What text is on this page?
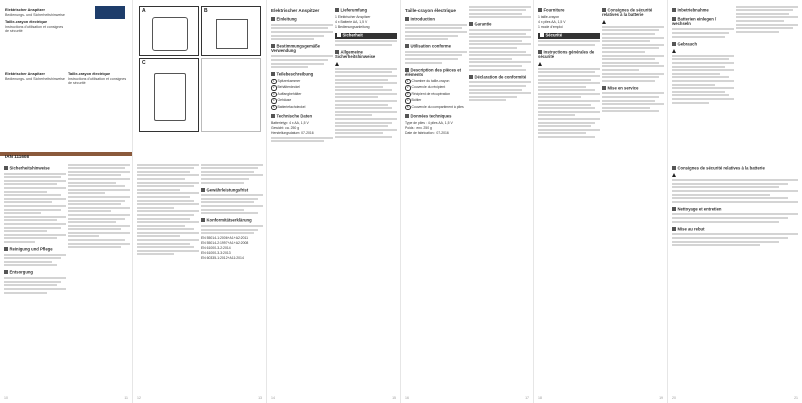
Elektrischer Anspitzer
Bedienungs- und Sicherheitshinweise
Taille-crayon électrique
Instructions d'utilisation et consignes de sécurité
Elektrischer Anspitzer
Bedienungs- und Sicherheitshinweise
Taille-crayon électrique
Instructions d'utilisation et consignes de sécurité
IAN 111608
Sicherheitshinweise
Reinigung und Pflege
Entsorgung
10	11
A	B
C
Gewährleistungsfrist
Konformitätserklärung
EN 55014-1:2006+A1+A2:2011
EN 55014-2:1997+A1+A2:2008
EN 61000-3-2:2014
EN 61000-3-3:2013
EN 60335-1:2012+A11:2014
12	13
Elektrischer Anspitzer
Einleitung
Bestimmungsgemäße Verwendung
Teilebeschreibung
1 Spitzerkammer
2 Behälterdeckel
3 Auffangbehälter
4 Gehäuse
5 Batteriefachdeckel
Technische Daten
Batterietyp: 4 x AA, 1,5 V
Gewicht: ca. 250 g
Herstellungsdatum: 07-2016
Lieferumfang
1 Elektrischer Anspitzer
4 x Batterie AA, 1,5 V
1 Bedienungsanleitung
Sicherheit
Allgemeine Sicherheitshinweise
14	15
Taille-crayon électrique
Introduction
Utilisation conforme
Description des pièces et éléments
1 Chambre du taille-crayon
2 Couvercle du récipient
3 Récipient de récupération
4 Boîtier
5 Couvercle du compartiment à piles
Données techniques
Type de piles : 4 piles AA, 1,5 V
Poids : env. 250 g
Date de fabrication : 07-2016
Garantie
Déclaration de conformité
16	17
Fourniture
1 taille-crayon
4 x piles AA, 1,5 V
1 mode d'emploi
Sécurité
Instructions générales de sécurité
Consignes de sécurité relatives à la batterie
Mise en service
18	19
Inbetriebnahme
Batterien einlegen / wechseln
Gebrauch
Consignes de sécurité relatives à la batterie
Nettoyage et entretien
Mise au rebut
20	21
